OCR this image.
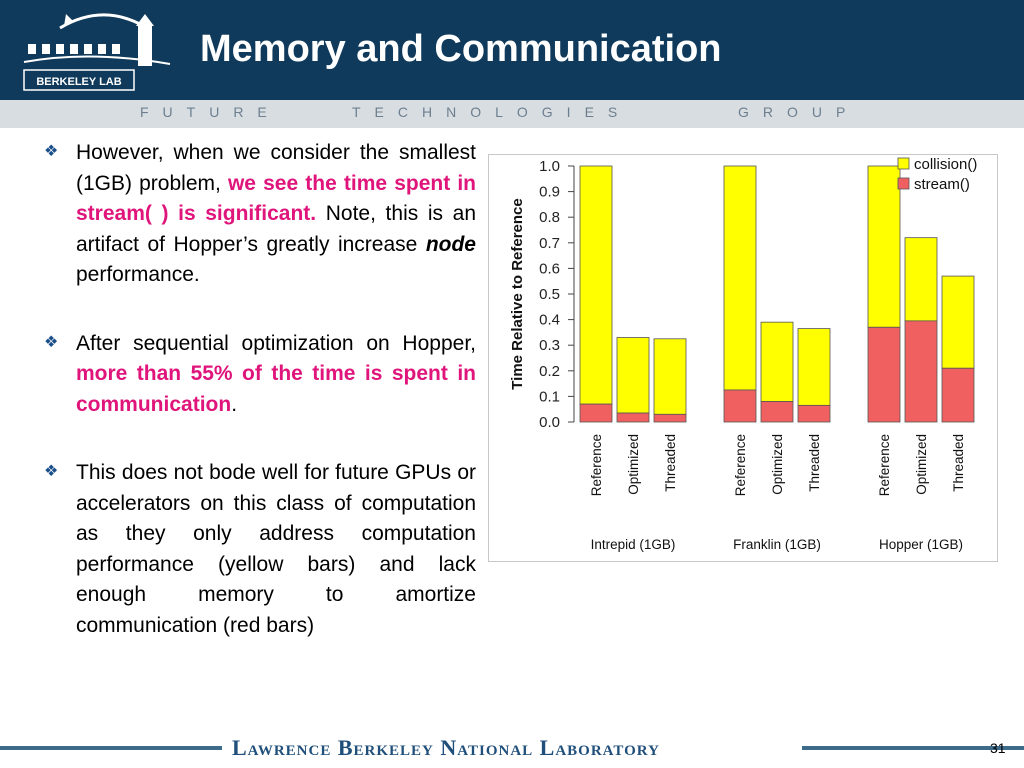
BERKELEY LAB
Memory and Communication
FUTURE	TECHNOLOGIES	GROUP

❖ However, when we consider the smallest (1GB) problem, we see the time spent in stream( ) is significant. Note, this is an artifact of Hopper’s greatly increase node performance.

❖ After sequential optimization on Hopper, more than 55% of the time is spent in communication.

❖ This does not bode well for future GPUs or accelerators on this class of computation as they only address computation performance (yellow bars) and lack enough memory to amortize communication (red bars)

0.0
0.1
0.2
0.3
0.4
0.5
0.6
0.7
0.8
0.9
1.0
Time Relative to Reference
Reference Optimized Threaded
Intrepid (1GB)
Reference Optimized Threaded
Franklin (1GB)
Reference Optimized Threaded
Hopper (1GB)
collision()
stream()
Lawrence Berkeley National Laboratory	31
